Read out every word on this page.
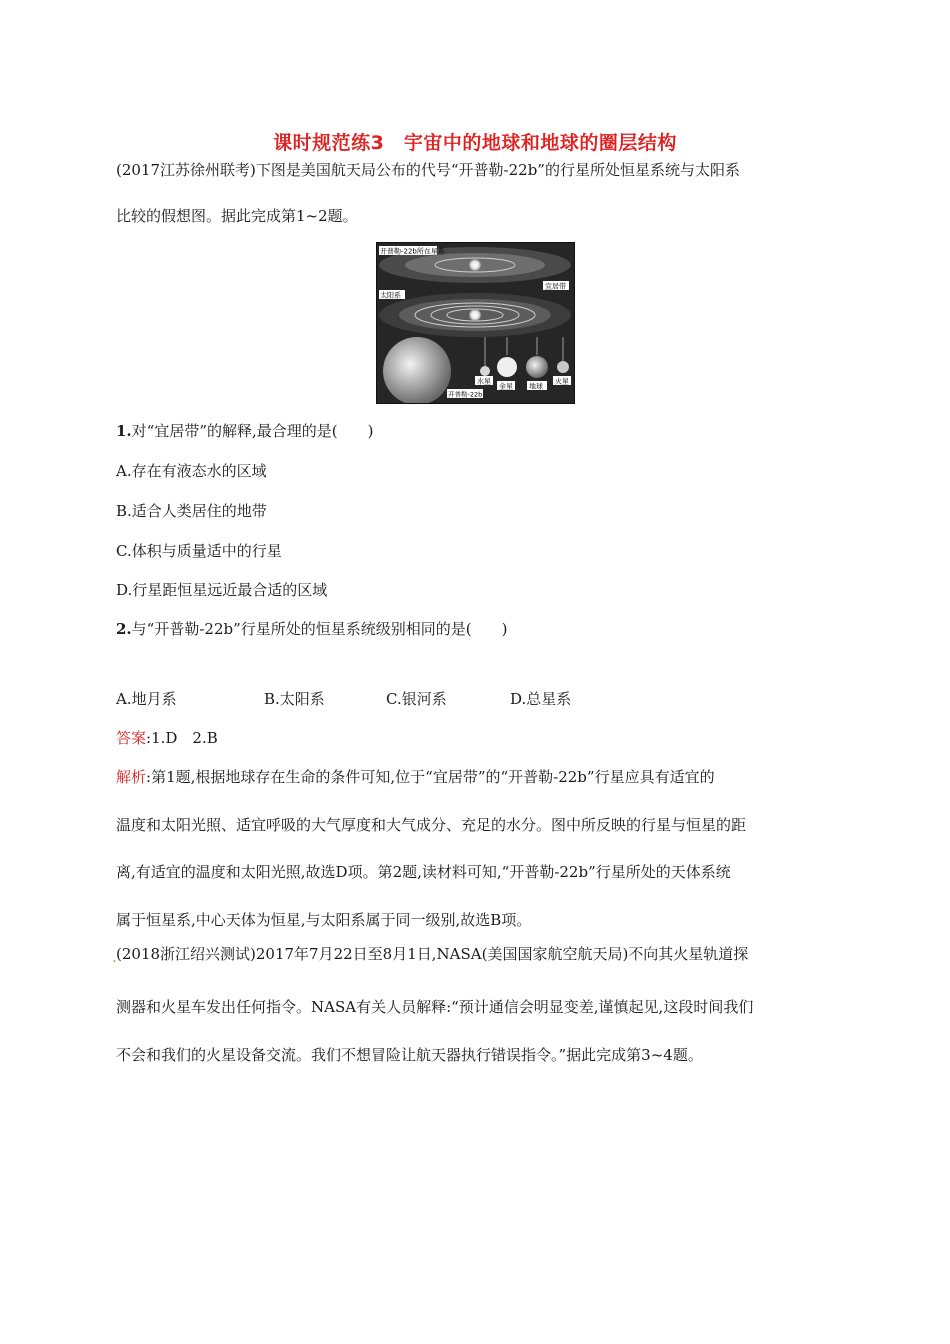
课时规范练3　宇宙中的地球和地球的圈层结构
(2017江苏徐州联考)下图是美国航天局公布的代号“开普勒-22b”的行星所处恒星系统与太阳系
比较的假想图。据此完成第1~2题。
开普勒-22b所在星系
宜居带
太阳系
开普勒-22b
水星
金星 地球
火星
1.对“宜居带”的解释,最合理的是(　　)
A.存在有液态水的区域
B.适合人类居住的地带
C.体积与质量适中的行星
D.行星距恒星远近最合适的区域
2.与“开普勒-22b”行星所处的恒星系统级别相同的是(　　)
A.地月系	B.太阳系	C.银河系	D.总星系
答案:1.D　2.B
解析:第1题,根据地球存在生命的条件可知,位于“宜居带”的“开普勒-22b”行星应具有适宜的
温度和太阳光照、适宜呼吸的大气厚度和大气成分、充足的水分。图中所反映的行星与恒星的距
离,有适宜的温度和太阳光照,故选D项。第2题,读材料可知,“开普勒-22b”行星所处的天体系统
属于恒星系,中心天体为恒星,与太阳系属于同一级别,故选B项。
. (2018浙江绍兴测试)2017年7月22日至8月1日,NASA(美国国家航空航天局)不向其火星轨道探
测器和火星车发出任何指令。NASA有关人员解释:“预计通信会明显变差,谨慎起见,这段时间我们
不会和我们的火星设备交流。我们不想冒险让航天器执行错误指令。”据此完成第3~4题。
